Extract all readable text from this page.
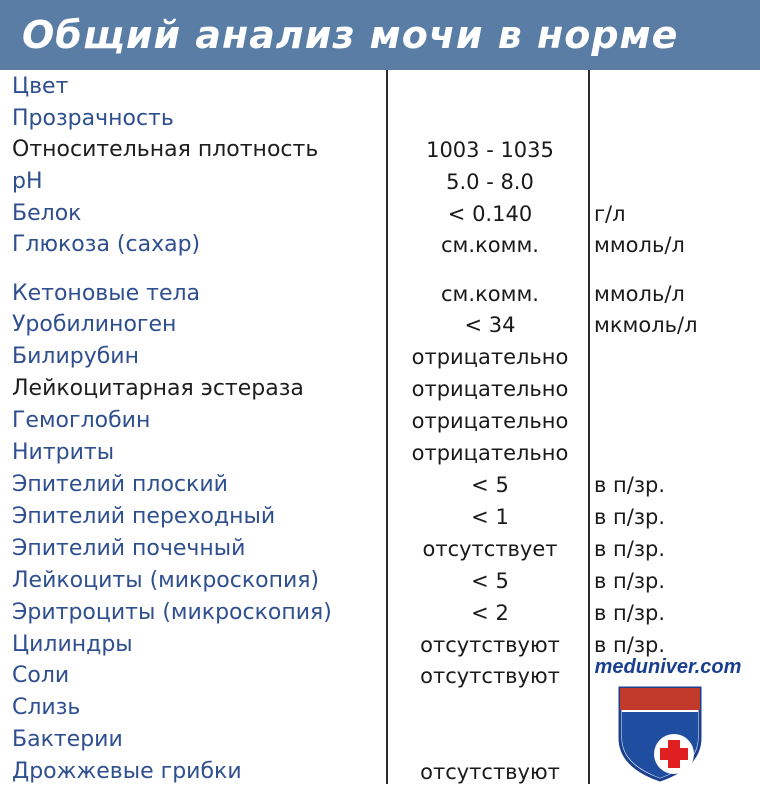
Общий анализ мочи в норме
Цвет
Прозрачность
Относительная плотность	1003 - 1035
pH	5.0 - 8.0
Белок	< 0.140	г/л
Глюкоза (сахар)	см.комм.	ммоль/л
Кетоновые тела	см.комм.	ммоль/л
Уробилиноген	< 34	мкмоль/л
Билирубин	отрицательно
Лейкоцитарная эстераза	отрицательно
Гемоглобин	отрицательно
Нитриты	отрицательно
Эпителий плоский	< 5	в п/зр.
Эпителий переходный	< 1	в п/зр.
Эпителий почечный	отсутствует	в п/зр.
Лейкоциты (микроскопия)	< 5	в п/зр.
Эритроциты (микроскопия)	< 2	в п/зр.
Цилиндры	отсутствуют	в п/зр.
Соли	отсутствуют
Слизь
Бактерии
Дрожжевые грибки	отсутствуют
meduniver.com
